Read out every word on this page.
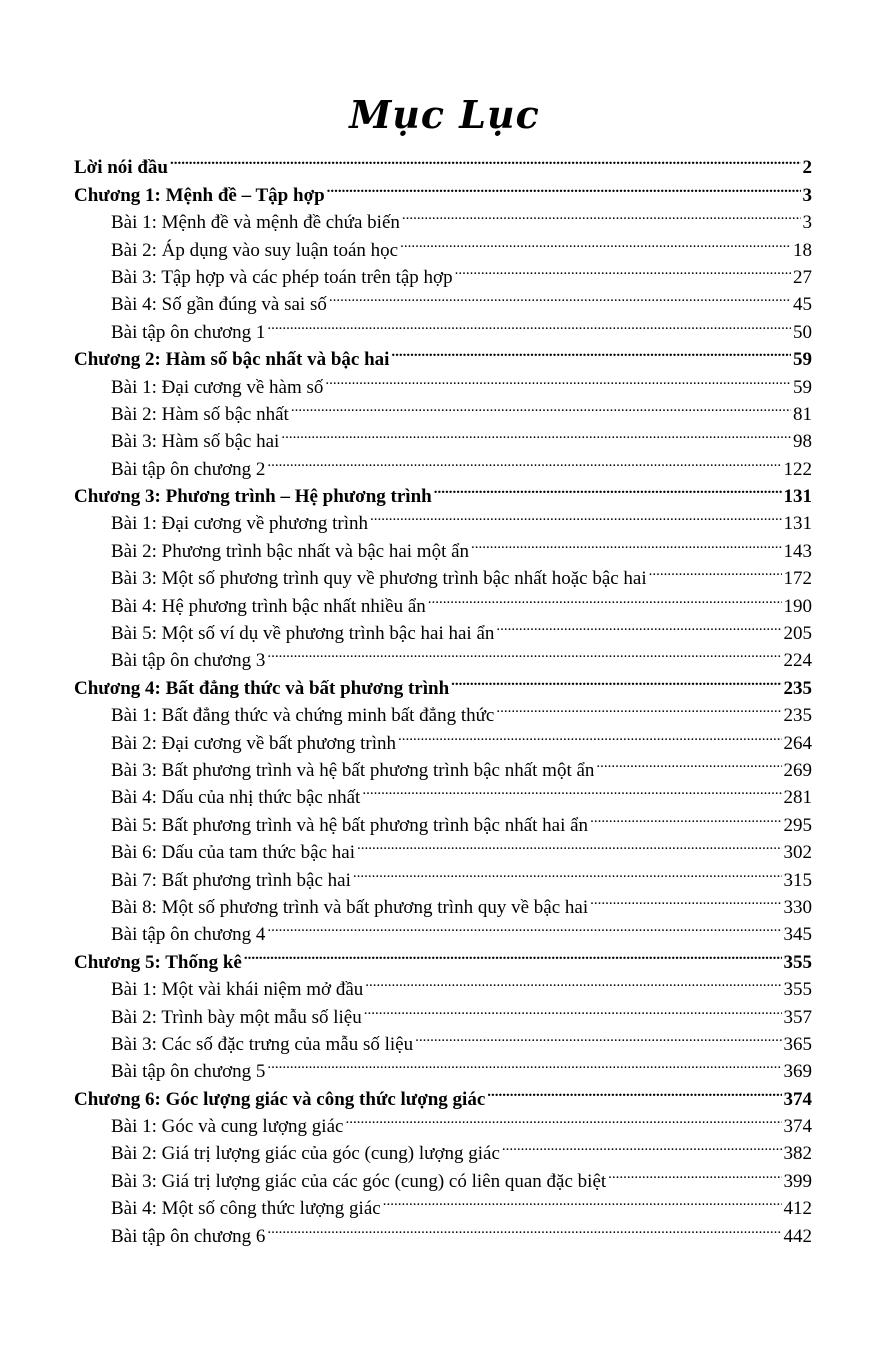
Mục Lục
Lời nói đầu .....	2
Chương 1: Mệnh đề – Tập hợp .....	3
Bài 1: Mệnh đề và mệnh đề chứa biến .....	3
Bài 2: Áp dụng vào suy luận toán học .....	18
Bài 3: Tập hợp và các phép toán trên tập hợp .....	27
Bài 4: Số gần đúng và sai số .....	45
Bài tập ôn chương 1 .....	50
Chương 2: Hàm số bậc nhất và bậc hai .....	59
Bài 1: Đại cương về hàm số .....	59
Bài 2: Hàm số bậc nhất .....	81
Bài 3: Hàm số bậc hai .....	98
Bài tập ôn chương 2 .....	122
Chương 3: Phương trình – Hệ phương trình .....	131
Bài 1: Đại cương về phương trình .....	131
Bài 2: Phương trình bậc nhất và bậc hai một ẩn .....	143
Bài 3: Một số phương trình quy về phương trình bậc nhất hoặc bậc hai .....	172
Bài 4: Hệ phương trình bậc nhất nhiều ẩn .....	190
Bài 5: Một số ví dụ về phương trình bậc hai hai ẩn .....	205
Bài tập ôn chương 3 .....	224
Chương 4: Bất đẳng thức và bất phương trình .....	235
Bài 1: Bất đẳng thức và chứng minh bất đẳng thức .....	235
Bài 2: Đại cương về bất phương trình .....	264
Bài 3: Bất phương trình và hệ bất phương trình bậc nhất một ẩn .....	269
Bài 4: Dấu của nhị thức bậc nhất .....	281
Bài 5: Bất phương trình và hệ bất phương trình bậc nhất hai ẩn .....	295
Bài 6: Dấu của tam thức bậc hai .....	302
Bài 7: Bất phương trình bậc hai .....	315
Bài 8: Một số phương trình và bất phương trình quy về bậc hai .....	330
Bài tập ôn chương 4 .....	345
Chương 5: Thống kê .....	355
Bài 1: Một vài khái niệm mở đầu .....	355
Bài 2: Trình bày một mẫu số liệu .....	357
Bài 3: Các số đặc trưng của mẫu số liệu .....	365
Bài tập ôn chương 5 .....	369
Chương 6: Góc lượng giác và công thức lượng giác .....	374
Bài 1: Góc và cung lượng giác .....	374
Bài 2: Giá trị lượng giác của góc (cung) lượng giác .....	382
Bài 3: Giá trị lượng giác của các góc (cung) có liên quan đặc biệt .....	399
Bài 4: Một số công thức lượng giác .....	412
Bài tập ôn chương 6 .....	442
